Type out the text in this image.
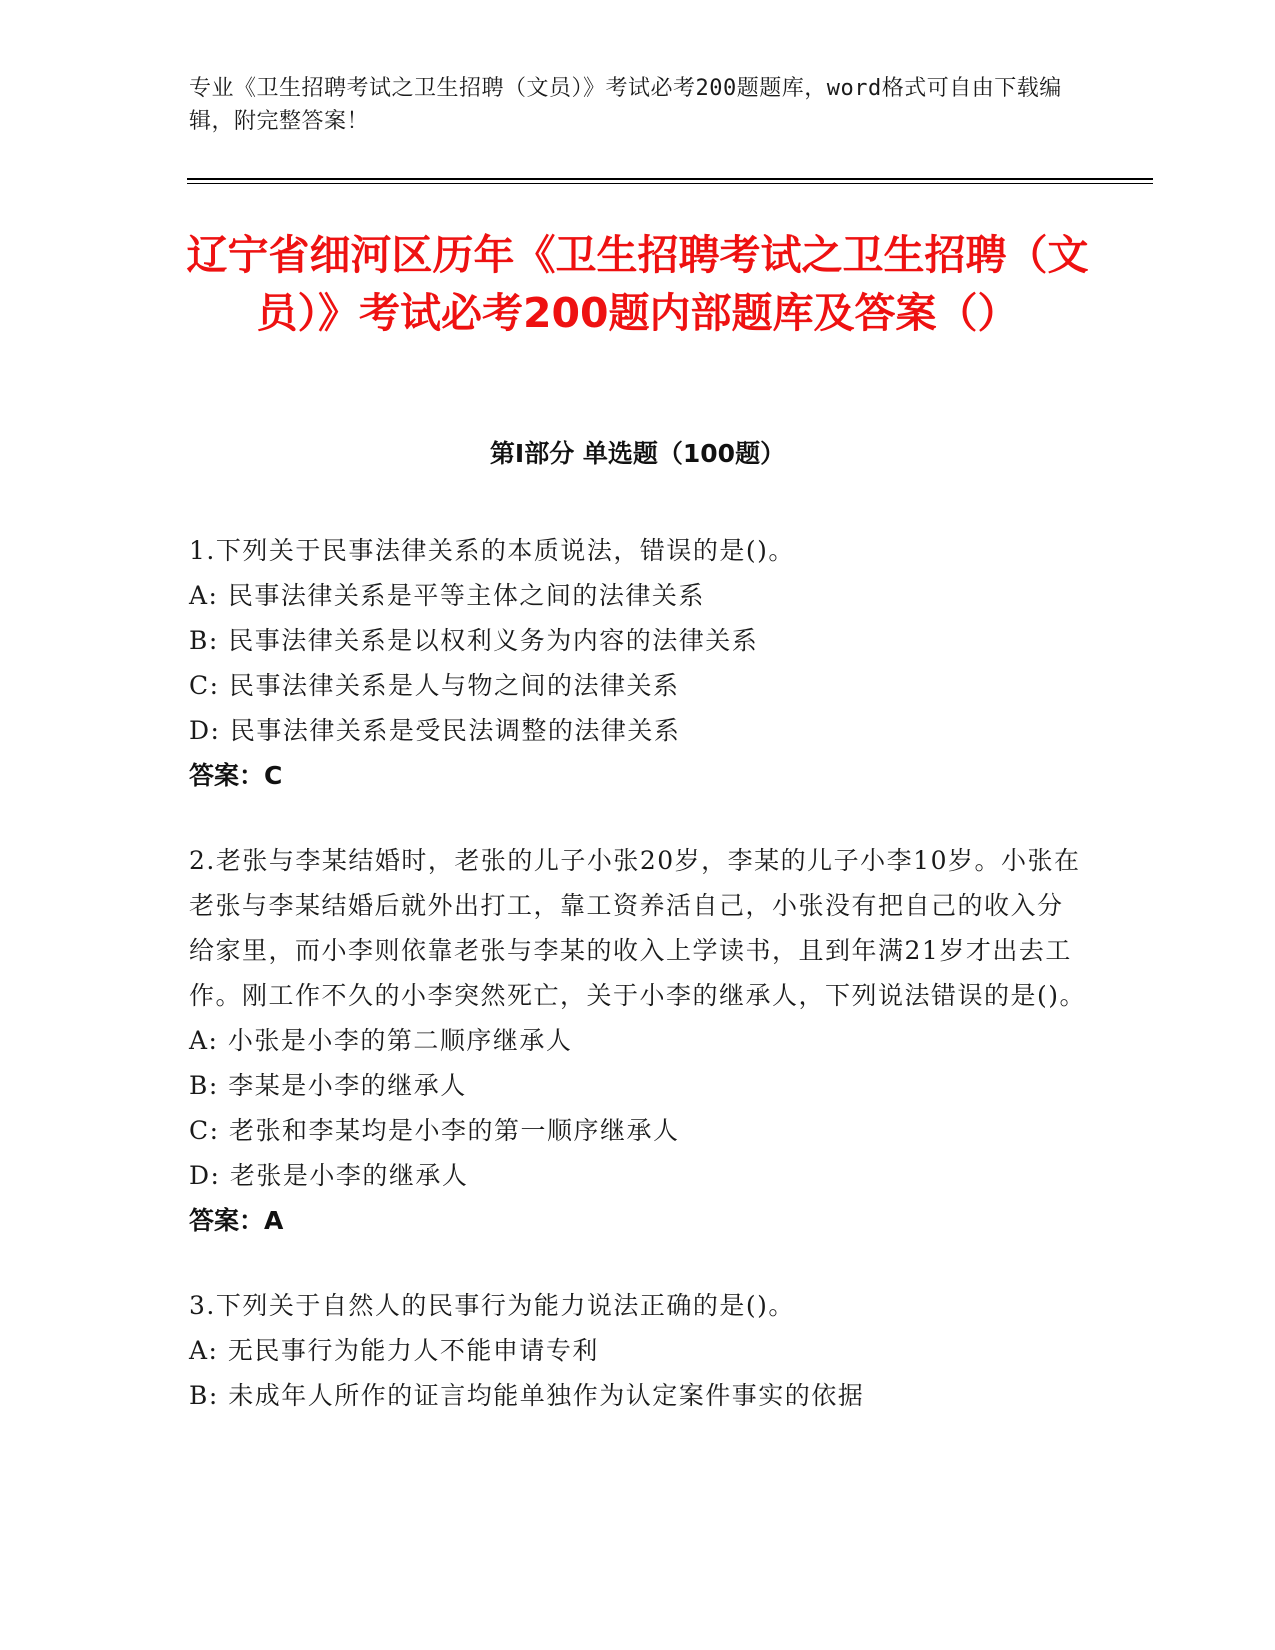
专业《卫生招聘考试之卫生招聘（文员）》考试必考200题题库，word格式可自由下载编辑，附完整答案！
辽宁省细河区历年《卫生招聘考试之卫生招聘（文员）》考试必考200题内部题库及答案（）
第I部分 单选题（100题）

1.下列关于民事法律关系的本质说法，错误的是()。

A: 民事法律关系是平等主体之间的法律关系

B: 民事法律关系是以权利义务为内容的法律关系

C: 民事法律关系是人与物之间的法律关系

D: 民事法律关系是受民法调整的法律关系

答案：C

2.老张与李某结婚时，老张的儿子小张20岁，李某的儿子小李10岁。小张在老张与李某结婚后就外出打工，靠工资养活自己，小张没有把自己的收入分给家里，而小李则依靠老张与李某的收入上学读书，且到年满21岁才出去工作。刚工作不久的小李突然死亡，关于小李的继承人，下列说法错误的是()。

A: 小张是小李的第二顺序继承人

B: 李某是小李的继承人

C: 老张和李某均是小李的第一顺序继承人

D: 老张是小李的继承人

答案：A

3.下列关于自然人的民事行为能力说法正确的是()。

A: 无民事行为能力人不能申请专利

B: 未成年人所作的证言均能单独作为认定案件事实的依据
